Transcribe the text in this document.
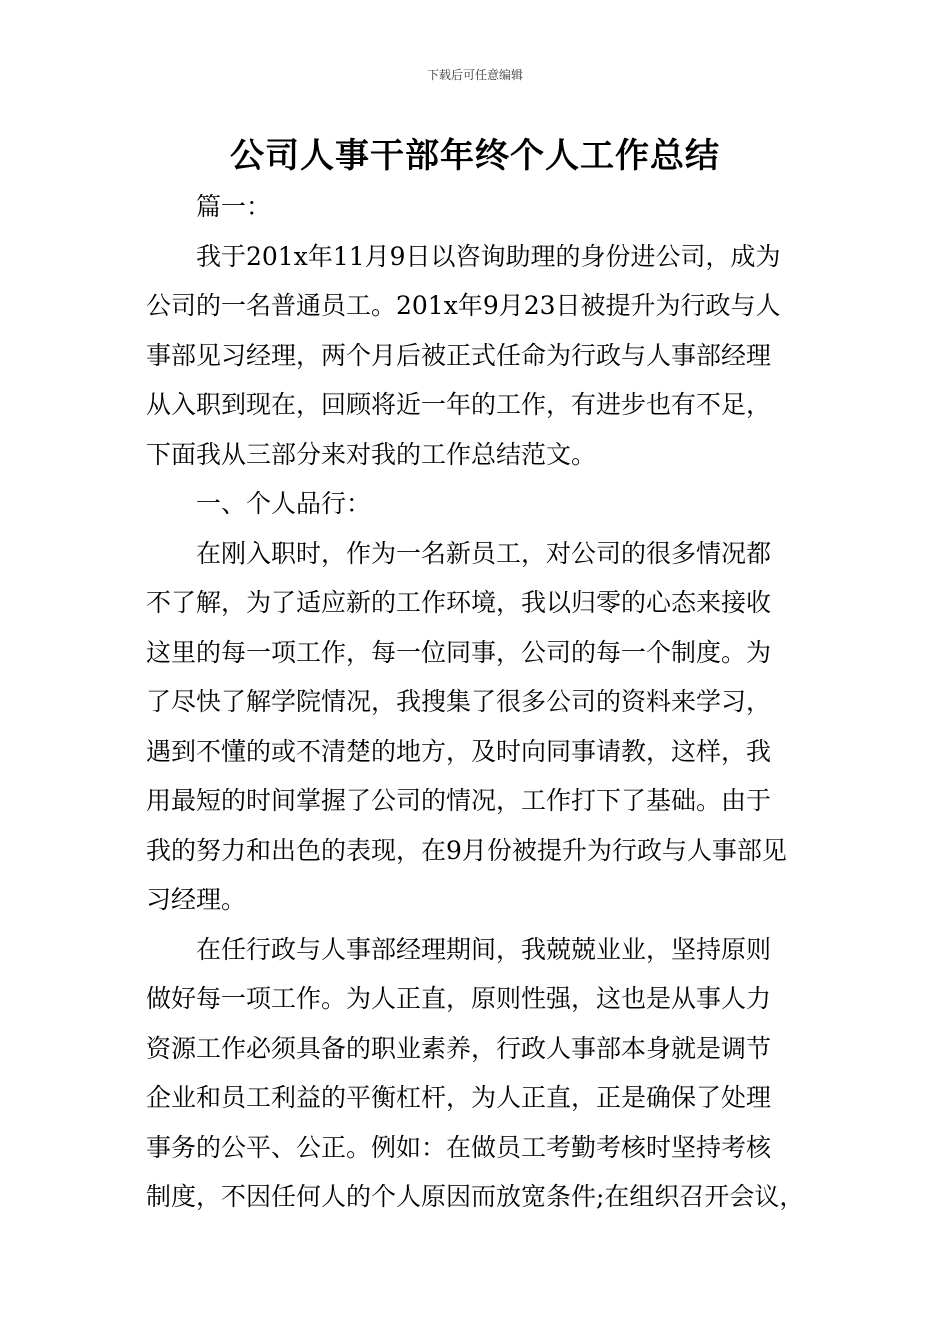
下载后可任意编辑
公司人事干部年终个人工作总结

篇一：

我于201x年11月9日以咨询助理的身份进公司，成为
公司的一名普通员工。201x年9月23日被提升为行政与人
事部见习经理，两个月后被正式任命为行政与人事部经理
从入职到现在，回顾将近一年的工作，有进步也有不足，
下面我从三部分来对我的工作总结范文。

一、个人品行：

在刚入职时，作为一名新员工，对公司的很多情况都
不了解，为了适应新的工作环境，我以归零的心态来接收
这里的每一项工作，每一位同事，公司的每一个制度。为
了尽快了解学院情况，我搜集了很多公司的资料来学习，
遇到不懂的或不清楚的地方，及时向同事请教，这样，我
用最短的时间掌握了公司的情况，工作打下了基础。由于
我的努力和出色的表现，在9月份被提升为行政与人事部见
习经理。

在任行政与人事部经理期间，我兢兢业业，坚持原则
做好每一项工作。为人正直，原则性强，这也是从事人力
资源工作必须具备的职业素养，行政人事部本身就是调节
企业和员工利益的平衡杠杆，为人正直，正是确保了处理
事务的公平、公正。例如：在做员工考勤考核时坚持考核
制度，不因任何人的个人原因而放宽条件;在组织召开会议，
